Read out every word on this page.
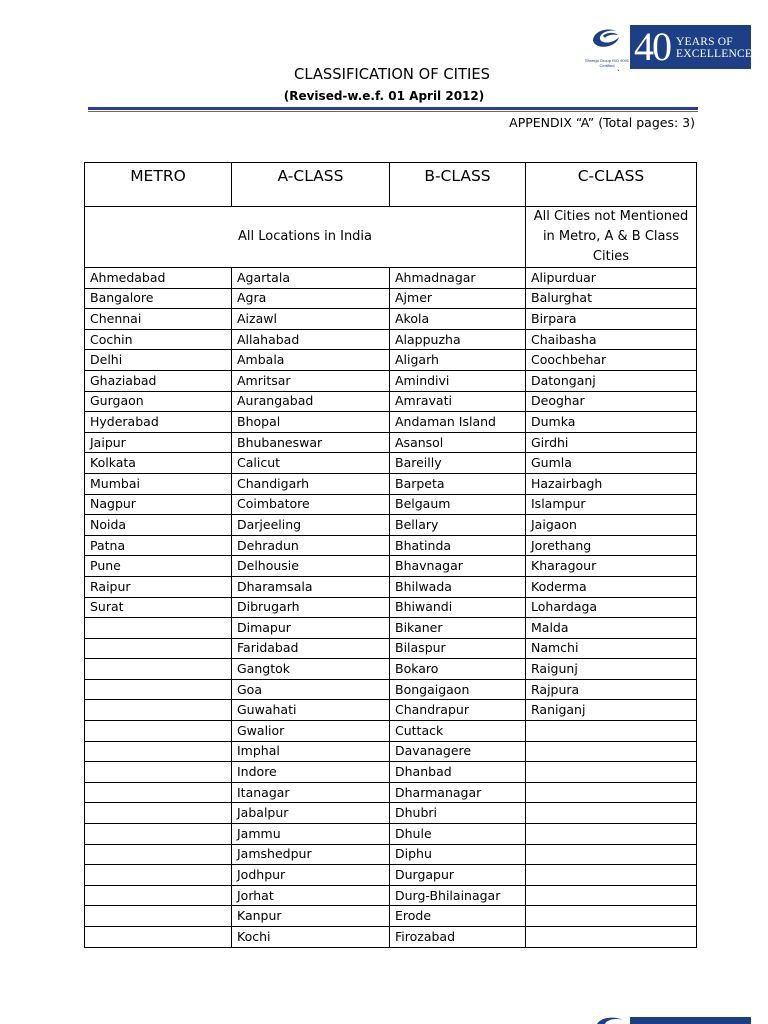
Shreeja Group ISO 9001 Certified 40 YEARS OF
EXCELLENCE
`
CLASSIFICATION OF CITIES
(Revised-w.e.f. 01 April 2012)
APPENDIX “A” (Total pages: 3)
METRO	A-CLASS	B-CLASS	C-CLASS
All Locations in India			All Cities not Mentioned in Metro, A & B Class Cities
Ahmedabad	Agartala	Ahmadnagar	Alipurduar
Bangalore	Agra	Ajmer	Balurghat
Chennai	Aizawl	Akola	Birpara
Cochin	Allahabad	Alappuzha	Chaibasha
Delhi	Ambala	Aligarh	Coochbehar
Ghaziabad	Amritsar	Amindivi	Datonganj
Gurgaon	Aurangabad	Amravati	Deoghar
Hyderabad	Bhopal	Andaman Island	Dumka
Jaipur	Bhubaneswar	Asansol	Girdhi
Kolkata	Calicut	Bareilly	Gumla
Mumbai	Chandigarh	Barpeta	Hazairbagh
Nagpur	Coimbatore	Belgaum	Islampur
Noida	Darjeeling	Bellary	Jaigaon
Patna	Dehradun	Bhatinda	Jorethang
Pune	Delhousie	Bhavnagar	Kharagour
Raipur	Dharamsala	Bhilwada	Koderma
Surat	Dibrugarh	Bhiwandi	Lohardaga
	Dimapur	Bikaner	Malda
	Faridabad	Bilaspur	Namchi
	Gangtok	Bokaro	Raigunj
	Goa	Bongaigaon	Rajpura
	Guwahati	Chandrapur	Raniganj
	Gwalior	Cuttack	
	Imphal	Davanagere	
	Indore	Dhanbad	
	Itanagar	Dharmanagar	
	Jabalpur	Dhubri	
	Jammu	Dhule	
	Jamshedpur	Diphu	
	Jodhpur	Durgapur	
	Jorhat	Durg-Bhilainagar	
	Kanpur	Erode	
	Kochi	Firozabad	
